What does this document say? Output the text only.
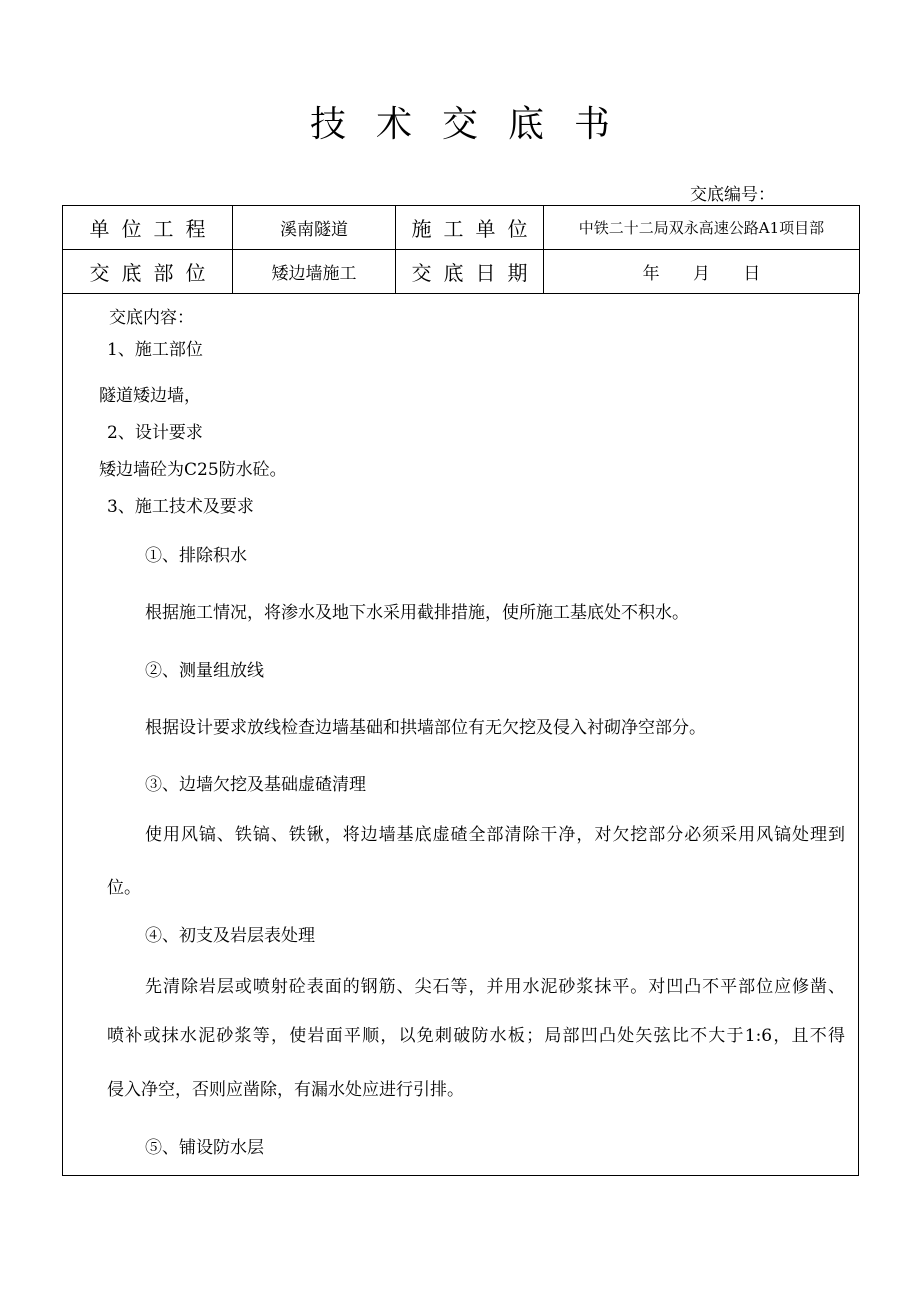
技术交底书
交底编号：
单位工程	溪南隧道	施工单位	中铁二十二局双永高速公路A1项目部
交底部位	矮边墙施工	交底日期	年 月 日
交底内容：
1、施工部位
隧道矮边墙，
2、设计要求
矮边墙砼为C25防水砼。
3、施工技术及要求
①、排除积水
根据施工情况，将渗水及地下水采用截排措施，使所施工基底处不积水。
②、测量组放线
根据设计要求放线检查边墙基础和拱墙部位有无欠挖及侵入衬砌净空部分。
③、边墙欠挖及基础虚碴清理
使用风镐、铁镐、铁锹，将边墙基底虚碴全部清除干净，对欠挖部分必须采用风镐处理到
位。
④、初支及岩层表处理
先清除岩层或喷射砼表面的钢筋、尖石等，并用水泥砂浆抹平。对凹凸不平部位应修凿、
喷补或抹水泥砂浆等，使岩面平顺，以免刺破防水板；局部凹凸处矢弦比不大于1:6，且不得
侵入净空，否则应凿除，有漏水处应进行引排。
⑤、铺设防水层
